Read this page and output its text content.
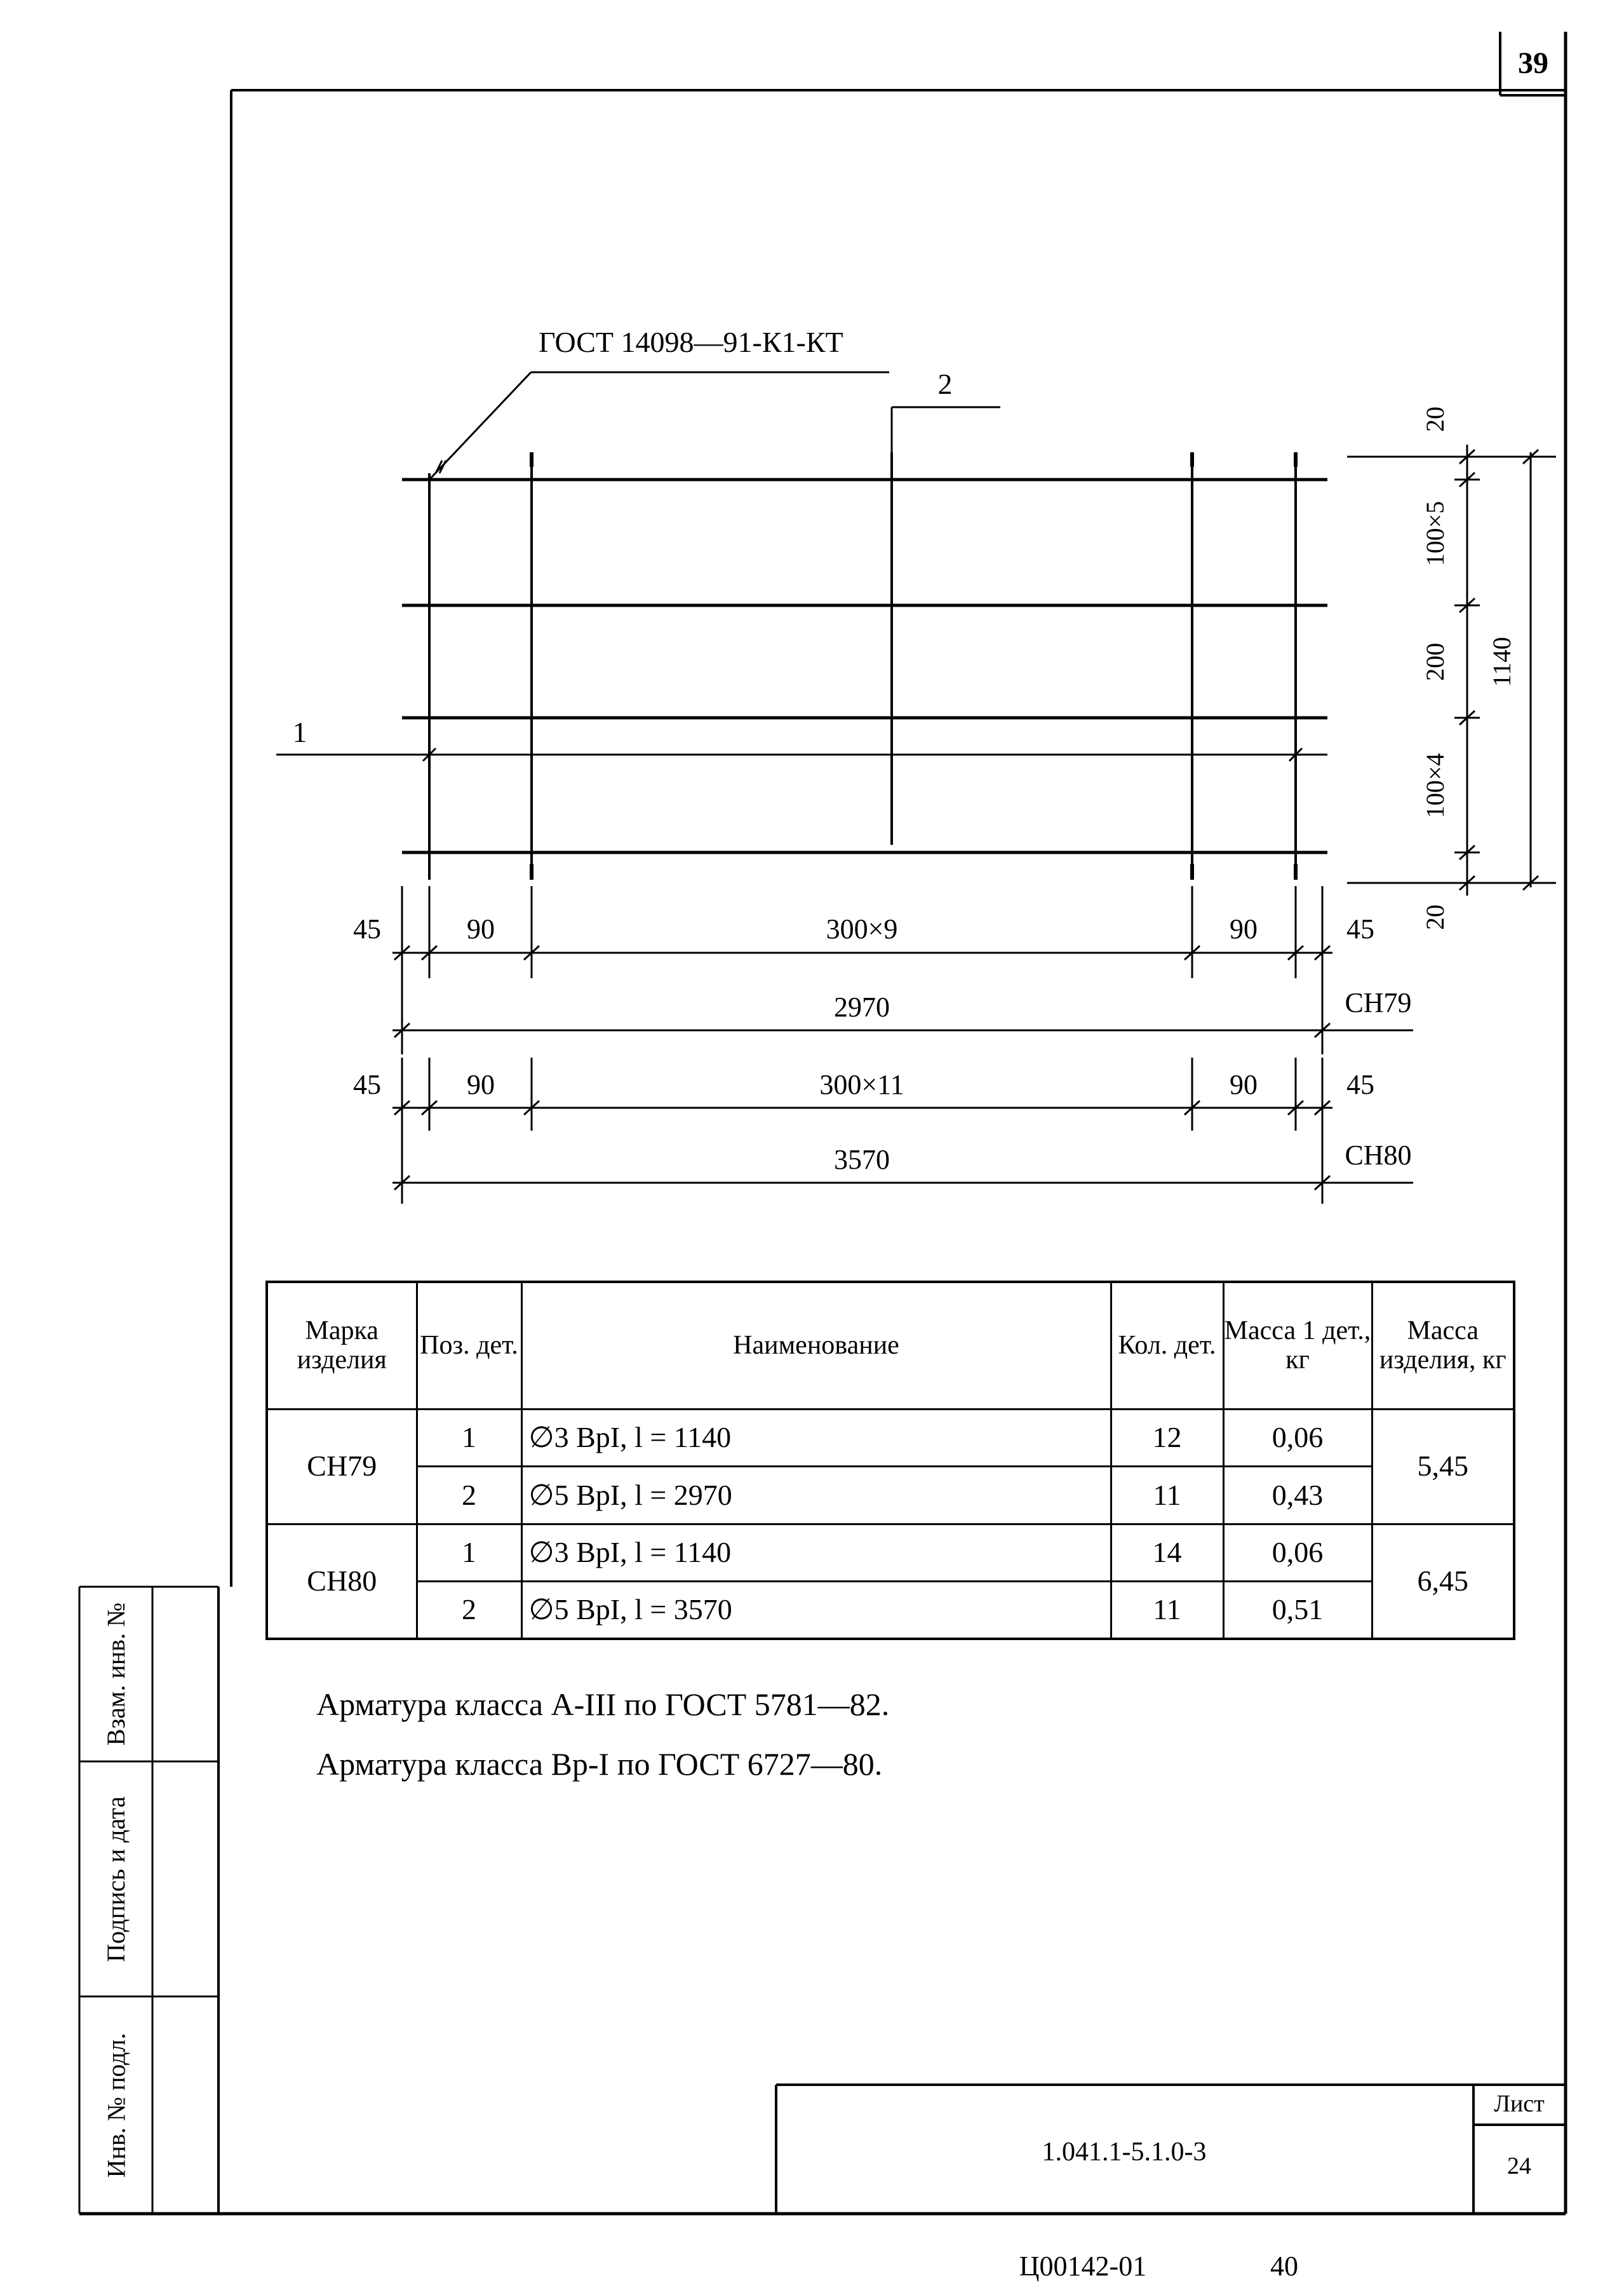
39
1.041.1-5.1.0-3
Лист
24
Ц00142-01	40
ГОСТ 14098—91-К1-КТ
2
1
20
100×5
200
100×4
20
1140
45	90	300×9	90	45
2970	СН79
45	90	300×11	90	45
3570	СН80
Арматура класса А-III по ГОСТ 5781—82.
Арматура класса Вр-I по ГОСТ 6727—80.
Марка изделия	Поз. дет.	Наименование	Кол. дет.	Масса 1 дет., кг	Масса изделия, кг
СН79	1	∅3 ВрI, l = 1140	12	0,06	5,45
	2	∅5 ВрI, l = 2970	11	0,43	
СН80	1	∅3 ВрI, l = 1140	14	0,06	6,45
	2	∅5 ВрI, l = 3570	11	0,51	
Взам. инв. №
Подпись и дата
Инв. № подл.
